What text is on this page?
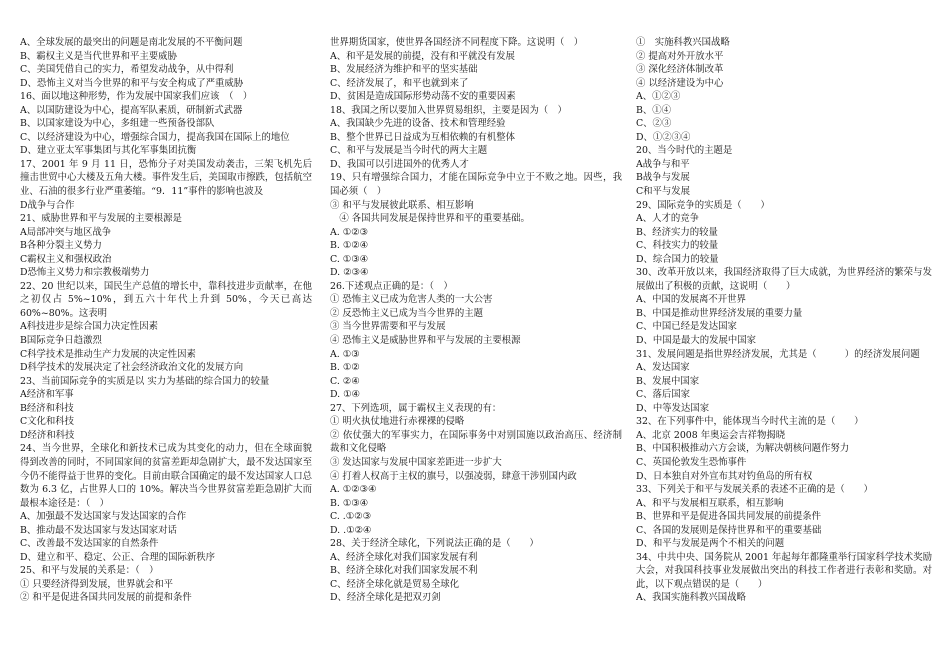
A、全球发展的最突出的问题是南北发展的不平衡问题
B、霸权主义是当代世界和平主要威胁
C、美国凭借自己的实力，希望发动战争，从中得利
D、恐怖主义对当今世界的和平与安全构成了严重威胁
16、面以地这种形势，作为发展中国家我们应该　（　）
A、以国防建设为中心，提高军队素质，研制新式武器
B、以国家建设为中心，多组建一些预备役部队
C、以经济建设为中心，增强综合国力，提高我国在国际上的地位
D、建立亚太军事集团与其化军事集团抗衡
17、2001 年 9 月 11 日，恐怖分子对美国发动袭击，三架飞机先后撞击世贸中心大楼及五角大楼。事件发生后，美国取市擦跌，包括航空业、石油的很多行业严重萎缩。“9．11”事件的影响也波及
D战争与合作
21、威胁世界和平与发展的主要根源是
A局部冲突与地区战争
B各种分裂主义势力
C霸权主义和强权政治
D恐怖主义势力和宗教极端势力
22、20 世纪以来，国民生产总值的增长中，靠科技进步贡献率，在他之初仅占 5%~10%，到五六十年代上升到 50%，今天已高达 60%~80%。这表明
A科技进步是综合国力决定性因素
B国际竞争日趋激烈
C科学技术是推动生产力发展的决定性因素
D科学技术的发展决定了社会经济政治文化的发展方向
23、当前国际竞争的实质是以 实力为基础的综合国力的较量
A经济和军事
B经济和科技
C文化和科技
D经济和科技
24、当今世界，全球化和新技术已成为其变化的动力，但在全球面貌得到改善的同时，不同国家间的贫富差距却急剧扩大，最不发达国家至今仍不能得益于世界的变化。目前由联合国确定的最不发达国家人口总数为 6.3 亿，占世界人口的 10%。解决当今世界贫富差距急剧扩大而最根本途径是：（　）
A、加强最不发达国家与发达国家的合作
B、推动最不发达国家与发达国家对话
C、改善最不发达国家的自然条件
D、建立和平、稳定、公正、合理的国际新秩序
25、和平与发展的关系是：（　）
① 只要经济得到发展，世界就会和平
② 和平是促进各国共同发展的前提和条件
世界期货国家，使世界各国经济不同程度下降。这说明（　）
A、和平是发展的前提，没有和平就没有发展
B、发展经济为维护和平的坚实基础
C、经济发展了，和平也就到来了
D、贫困是造成国际形势动荡不安的重要因素
18、我国之所以要加入世界贸易组织，主要是因为（　）
A、我国缺少先进的设备、技术和管理经验
B、整个世界已日益成为互相依赖的有机整体
C、和平与发展是当今时代的两大主题
D、我国可以引进国外的优秀人才
19、只有增强综合国力，才能在国际竞争中立于不败之地。因些，我国必须（　）
③ 和平与发展彼此联系、相互影响
　④ 各国共同发展是保持世界和平的重要基础。
A. ①②③
B. ①②④
C. ①③④
D. ②③④
26.下述观点正确的是：（　）
① 恐怖主义已成为危害人类的一大公害
② 反恐怖主义已成为当今世界的主题
③ 当今世界需要和平与发展
④ 恐怖主义是威胁世界和平与发展的主要根源
A. ①③
B. ①②
C. ②④
D. ①④
27、下列选项，属于霸权主义表现的有：
① 明火执仗地进行赤裸裸的侵略
② 依仗强大的军事实力，在国际事务中对别国施以政治高压、经济制裁和文化侵略
③ 发达国家与发展中国家差距进一步扩大
④ 打着人权高于主权的旗号，以强凌弱，肆意干涉别国内政
A. ①②③④
B. ①③④
C. .①②③
D. .①②④
28、关于经济全球化，下列说法正确的是（　　）
A、经济全球化对我们国家发展有利
B、经济全球化对我们国家发展不利
C、经济全球化就是贸易全球化
D、经济全球化是把双刃剑
①　实施科教兴国战略
② 提高对外开放水平
③ 深化经济体制改革
④ 以经济建设为中心
A、①②③
B、①④
C、②③
D、①②③④
20、当今时代的主题是
A战争与和平
B战争与发展
C和平与发展
29、国际竞争的实质是（　　）
A、人才的竞争
B、经济实力的较量
C、科技实力的较量
D、综合国力的较量
30、改革开放以来，我国经济取得了巨大成就，为世界经济的繁荣与发展做出了积极的贡献，这说明（　　）
A、中国的发展离不开世界
B、中国是推动世界经济发展的重要力量
C、中国已经是发达国家
D、中国是最大的发展中国家
31、发展问题是指世界经济发展，尤其是（　　　）的经济发展问题
A、发达国家
B、发展中国家
C、落后国家
D、中等发达国家
32、在下列事件中，能体现当今时代主流的是（　　）
A、北京 2008 年奥运会吉祥物揭晓
B、中国积极推动六方会谈，为解决朝核问题作努力
C、英国伦敦发生恐怖事件
D、日本独自对外宣布其对钓鱼岛的所有权
33、下列关于和平与发展关系的表述不正确的是（　　）
A、和平与发展相互联系，相互影响
B、世界和平是促进各国共同发展的前提条件
C、各国的发展则是保持世界和平的重要基础
D、和平与发展是两个不相关的问题
34、中共中央、国务院从 2001 年起每年都隆重举行国家科学技术奖励大会，对我国科技事业发展做出突出的科技工作者进行表彰和奖励。对此，以下观点错误的是（　　）
A、我国实施科教兴国战略
